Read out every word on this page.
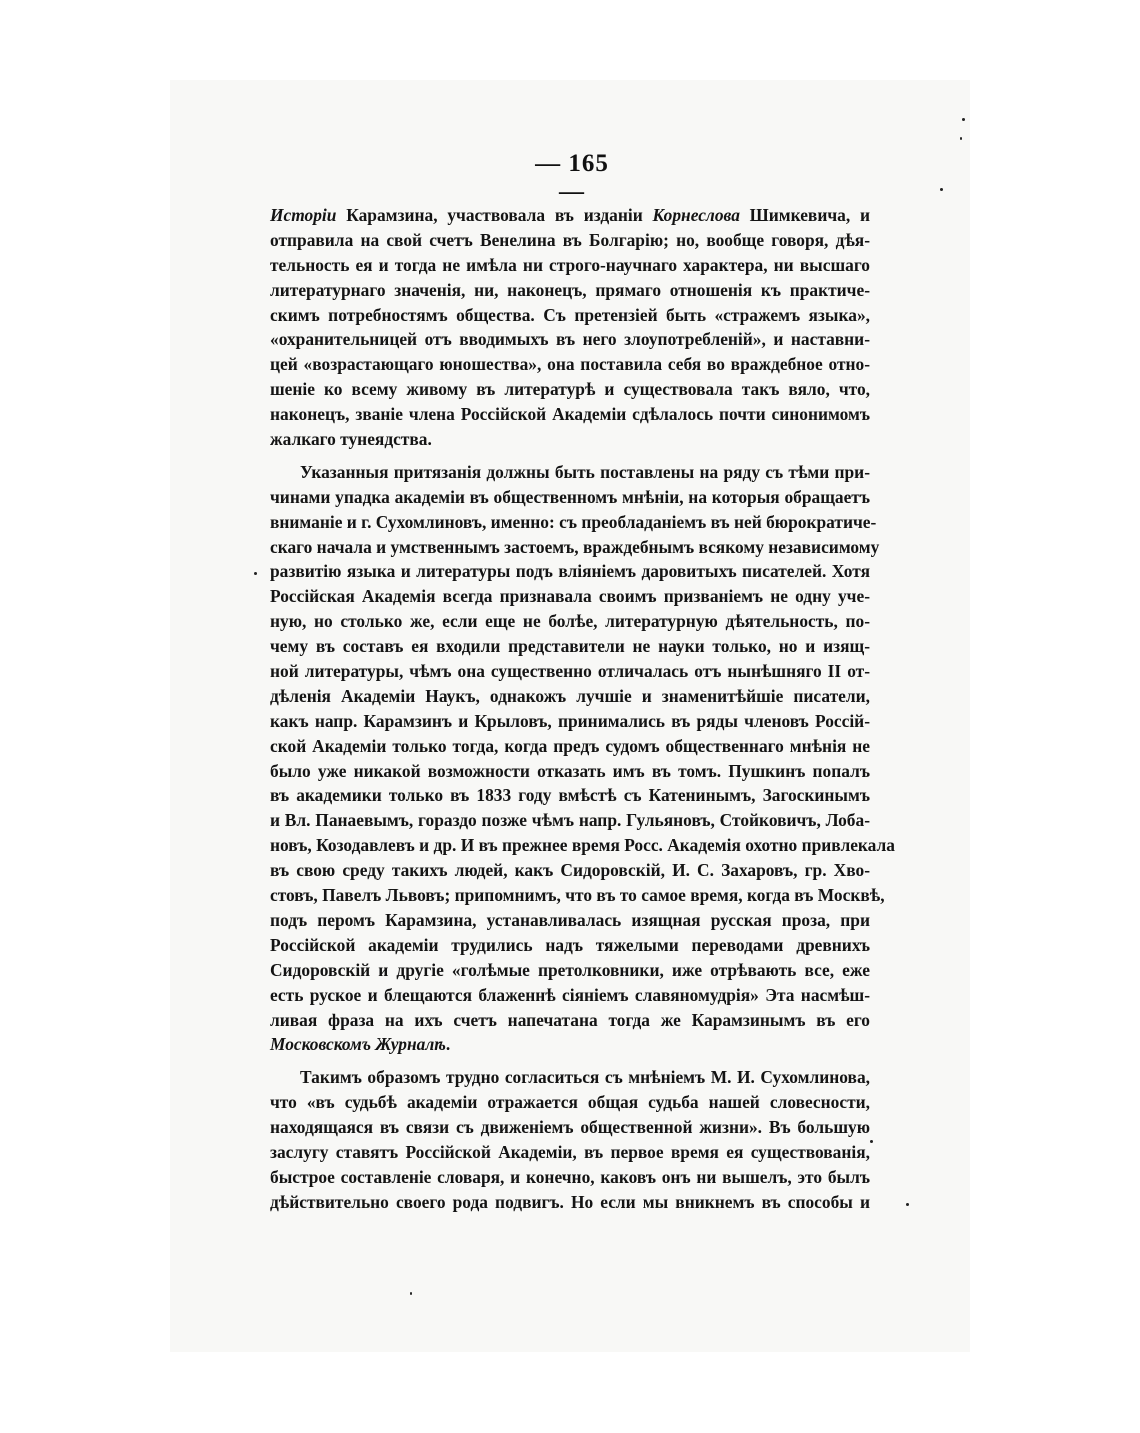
— 165 —
Исторіи Карамзина, участвовала въ изданіи Корнеслова Шимкевича, и
отправила на свой счетъ Венелина въ Болгарію; но, вообще говоря, дѣя-
тельность ея и тогда не имѣла ни строго-научнаго характера, ни высшаго
литературнаго значенія, ни, наконецъ, прямаго отношенія къ практиче-
скимъ потребностямъ общества. Съ претензіей быть «стражемъ языка»,
«охранительницей отъ вводимыхъ въ него злоупотребленій», и наставни-
цей «возрастающаго юношества», она поставила себя во враждебное отно-
шеніе ко всему живому въ литературѣ и существовала такъ вяло, что,
наконецъ, званіе члена Россійской Академіи сдѣлалось почти синонимомъ
жалкаго тунеядства.
Указанныя притязанія должны быть поставлены на ряду съ тѣми при-
чинами упадка академіи въ общественномъ мнѣніи, на которыя обращаетъ
вниманіе и г. Сухомлиновъ, именно: съ преобладаніемъ въ ней бюрократиче-
скаго начала и умственнымъ застоемъ, враждебнымъ всякому независимому
развитію языка и литературы подъ вліяніемъ даровитыхъ писателей. Хотя
Россійская Академія всегда признавала своимъ призваніемъ не одну уче-
ную, но столько же, если еще не болѣе, литературную дѣятельность, по-
чему въ составъ ея входили представители не науки только, но и изящ-
ной литературы, чѣмъ она существенно отличалась отъ нынѣшняго II от-
дѣленія Академіи Наукъ, однакожъ лучшіе и знаменитѣйшіе писатели,
какъ напр. Карамзинъ и Крыловъ, принимались въ ряды членовъ Россій-
ской Академіи только тогда, когда предъ судомъ общественнаго мнѣнія не
было уже никакой возможности отказать имъ въ томъ. Пушкинъ попалъ
въ академики только въ 1833 году вмѣстѣ съ Катенинымъ, Загоскинымъ
и Вл. Панаевымъ, гораздо позже чѣмъ напр. Гульяновъ, Стойковичъ, Лоба-
новъ, Козодавлевъ и др. И въ прежнее время Росс. Академія охотно привлекала
въ свою среду такихъ людей, какъ Сидоровскій, И. С. Захаровъ, гр. Хво-
стовъ, Павелъ Львовъ; припомнимъ, что въ то самое время, когда въ Москвѣ,
подъ перомъ Карамзина, устанавливалась изящная русская проза, при
Россійской академіи трудились надъ тяжелыми переводами древнихъ
Сидоровскій и другіе «голѣмые претолковники, иже отрѣвають все, еже
есть руское и блещаются блаженнѣ сіяніемъ славяномудрія» Эта насмѣш-
ливая фраза на ихъ счетъ напечатана тогда же Карамзинымъ въ его
Московскомъ Журналѣ.
Такимъ образомъ трудно согласиться съ мнѣніемъ М. И. Сухомлинова,
что «въ судьбѣ академіи отражается общая судьба нашей словесности,
находящаяся въ связи съ движеніемъ общественной жизни». Въ большую
заслугу ставятъ Россійской Академіи, въ первое время ея существованія,
быстрое составленіе словаря, и конечно, каковъ онъ ни вышелъ, это былъ
дѣйствительно своего рода подвигъ. Но если мы вникнемъ въ способы и
